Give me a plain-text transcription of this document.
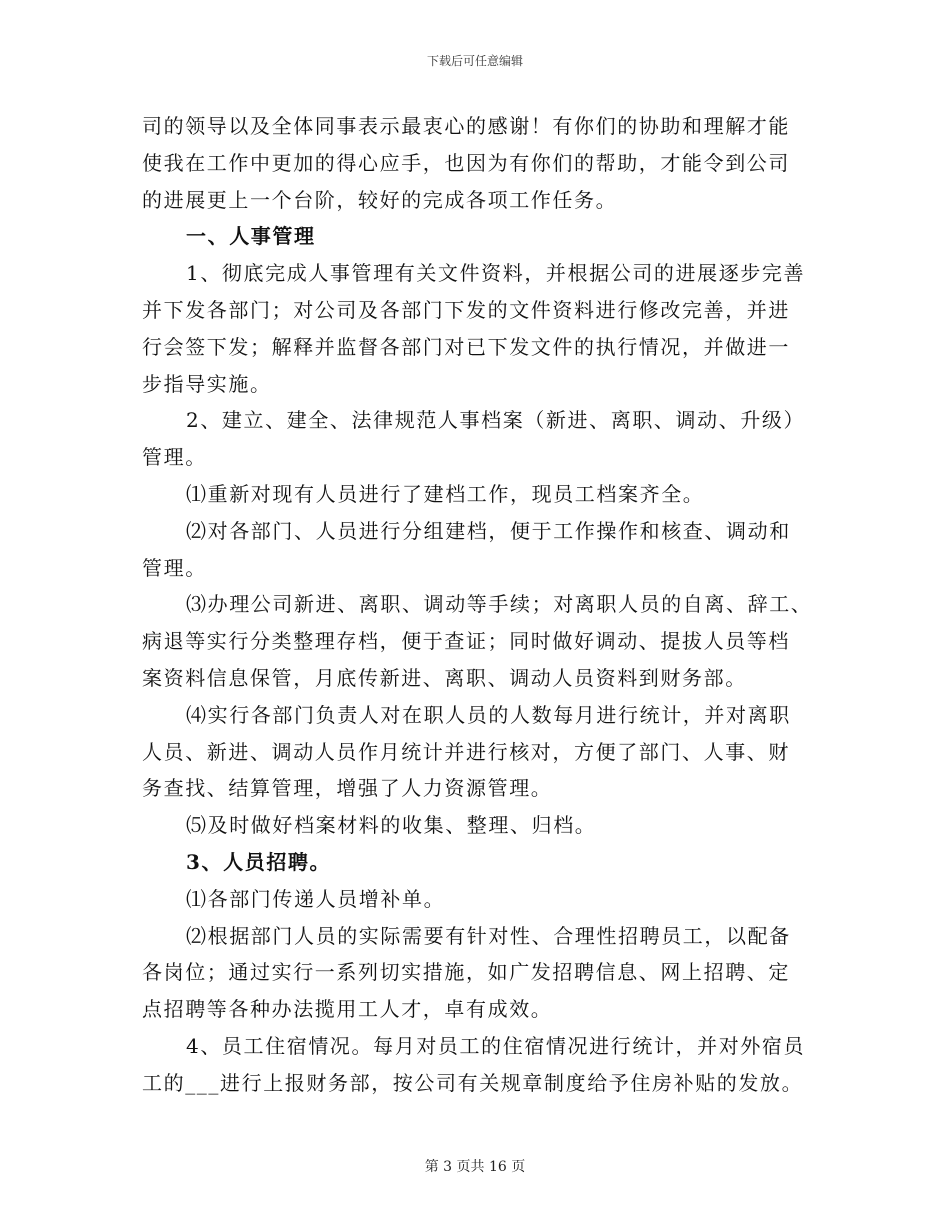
下载后可任意编辑

司的领导以及全体同事表示最衷心的感谢！有你们的协助和理解才能

使我在工作中更加的得心应手，也因为有你们的帮助，才能令到公司

的进展更上一个台阶，较好的完成各项工作任务。

一、人事管理

1、彻底完成人事管理有关文件资料，并根据公司的进展逐步完善

并下发各部门；对公司及各部门下发的文件资料进行修改完善，并进

行会签下发；解释并监督各部门对已下发文件的执行情况，并做进一

步指导实施。

2、建立、建全、法律规范人事档案（新进、离职、调动、升级）

管理。

⑴重新对现有人员进行了建档工作，现员工档案齐全。

⑵对各部门、人员进行分组建档，便于工作操作和核查、调动和

管理。

⑶办理公司新进、离职、调动等手续；对离职人员的自离、辞工、

病退等实行分类整理存档，便于查证；同时做好调动、提拔人员等档

案资料信息保管，月底传新进、离职、调动人员资料到财务部。

⑷实行各部门负责人对在职人员的人数每月进行统计，并对离职

人员、新进、调动人员作月统计并进行核对，方便了部门、人事、财

务查找、结算管理，增强了人力资源管理。

⑸及时做好档案材料的收集、整理、归档。

3、人员招聘。

⑴各部门传递人员增补单。

⑵根据部门人员的实际需要有针对性、合理性招聘员工，以配备

各岗位；通过实行一系列切实措施，如广发招聘信息、网上招聘、定

点招聘等各种办法揽用工人才，卓有成效。

4、员工住宿情况。每月对员工的住宿情况进行统计，并对外宿员

工的___进行上报财务部，按公司有关规章制度给予住房补贴的发放。

第 3 页共 16 页
